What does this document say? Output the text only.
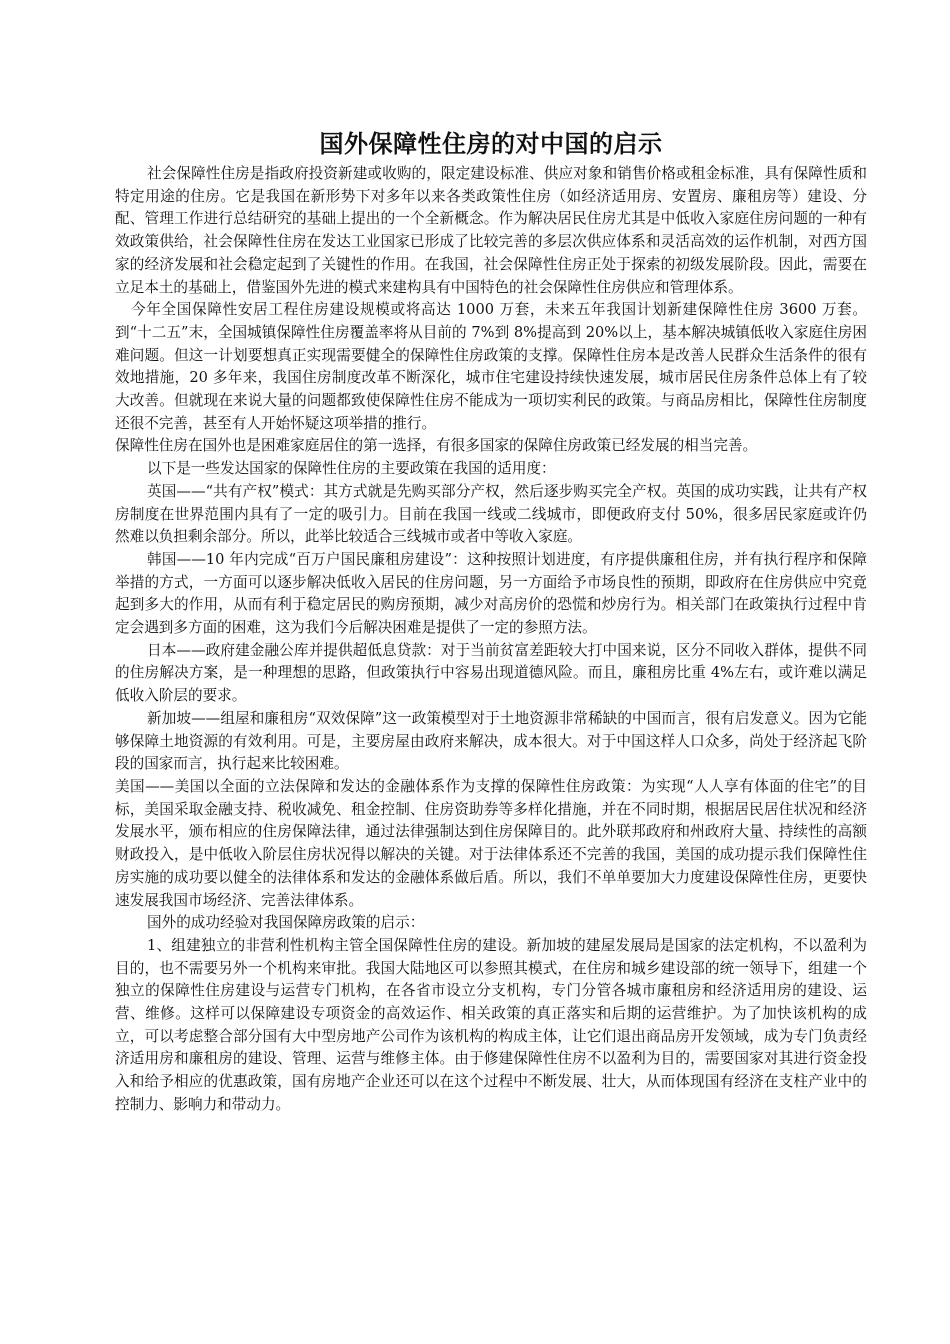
国外保障性住房的对中国的启示

社会保障性住房是指政府投资新建或收购的，限定建设标准、供应对象和销售价格或租金标准，具有保障性质和特定用途的住房。它是我国在新形势下对多年以来各类政策性住房（如经济适用房、安置房、廉租房等）建设、分配、管理工作进行总结研究的基础上提出的一个全新概念。作为解决居民住房尤其是中低收入家庭住房问题的一种有效政策供给，社会保障性住房在发达工业国家已形成了比较完善的多层次供应体系和灵活高效的运作机制，对西方国家的经济发展和社会稳定起到了关键性的作用。在我国，社会保障性住房正处于探索的初级发展阶段。因此，需要在立足本土的基础上，借鉴国外先进的模式来建构具有中国特色的社会保障性住房供应和管理体系。

今年全国保障性安居工程住房建设规模或将高达 1000 万套，未来五年我国计划新建保障性住房 3600 万套。到“十二五”末，全国城镇保障性住房覆盖率将从目前的 7%到 8%提高到 20%以上，基本解决城镇低收入家庭住房困难问题。但这一计划要想真正实现需要健全的保障性住房政策的支撑。保障性住房本是改善人民群众生活条件的很有效地措施，20 多年来，我国住房制度改革不断深化，城市住宅建设持续快速发展，城市居民住房条件总体上有了较大改善。但就现在来说大量的问题都致使保障性住房不能成为一项切实利民的政策。与商品房相比，保障性住房制度还很不完善，甚至有人开始怀疑这项举措的推行。

保障性住房在国外也是困难家庭居住的第一选择，有很多国家的保障住房政策已经发展的相当完善。

以下是一些发达国家的保障性住房的主要政策在我国的适用度：

英国——“共有产权”模式：其方式就是先购买部分产权，然后逐步购买完全产权。英国的成功实践，让共有产权房制度在世界范围内具有了一定的吸引力。目前在我国一线或二线城市，即便政府支付 50%，很多居民家庭或许仍然难以负担剩余部分。所以，此举比较适合三线城市或者中等收入家庭。

韩国——10 年内完成“百万户国民廉租房建设”：这种按照计划进度，有序提供廉租住房，并有执行程序和保障举措的方式，一方面可以逐步解决低收入居民的住房问题，另一方面给予市场良性的预期，即政府在住房供应中究竟起到多大的作用，从而有利于稳定居民的购房预期，减少对高房价的恐慌和炒房行为。相关部门在政策执行过程中肯定会遇到多方面的困难，这为我们今后解决困难是提供了一定的参照方法。

日本——政府建金融公库并提供超低息贷款：对于当前贫富差距较大打中国来说，区分不同收入群体，提供不同的住房解决方案，是一种理想的思路，但政策执行中容易出现道德风险。而且，廉租房比重 4%左右，或许难以满足低收入阶层的要求。

新加坡——组屋和廉租房“双效保障”这一政策模型对于土地资源非常稀缺的中国而言，很有启发意义。因为它能够保障土地资源的有效利用。可是，主要房屋由政府来解决，成本很大。对于中国这样人口众多，尚处于经济起飞阶段的国家而言，执行起来比较困难。

美国——美国以全面的立法保障和发达的金融体系作为支撑的保障性住房政策：为实现“人人享有体面的住宅”的目标，美国采取金融支持、税收减免、租金控制、住房资助券等多样化措施，并在不同时期，根据居民居住状况和经济发展水平，颁布相应的住房保障法律，通过法律强制达到住房保障目的。此外联邦政府和州政府大量、持续性的高额财政投入，是中低收入阶层住房状况得以解决的关键。对于法律体系还不完善的我国，美国的成功提示我们保障性住房实施的成功要以健全的法律体系和发达的金融体系做后盾。所以，我们不单单要加大力度建设保障性住房，更要快速发展我国市场经济、完善法律体系。

国外的成功经验对我国保障房政策的启示：

1、组建独立的非营利性机构主管全国保障性住房的建设。新加坡的建屋发展局是国家的法定机构，不以盈利为目的，也不需要另外一个机构来审批。我国大陆地区可以参照其模式，在住房和城乡建设部的统一领导下，组建一个独立的保障性住房建设与运营专门机构，在各省市设立分支机构，专门分管各城市廉租房和经济适用房的建设、运营、维修。这样可以保障建设专项资金的高效运作、相关政策的真正落实和后期的运营维护。为了加快该机构的成立，可以考虑整合部分国有大中型房地产公司作为该机构的构成主体，让它们退出商品房开发领域，成为专门负责经济适用房和廉租房的建设、管理、运营与维修主体。由于修建保障性住房不以盈利为目的，需要国家对其进行资金投入和给予相应的优惠政策，国有房地产企业还可以在这个过程中不断发展、壮大，从而体现国有经济在支柱产业中的控制力、影响力和带动力。
